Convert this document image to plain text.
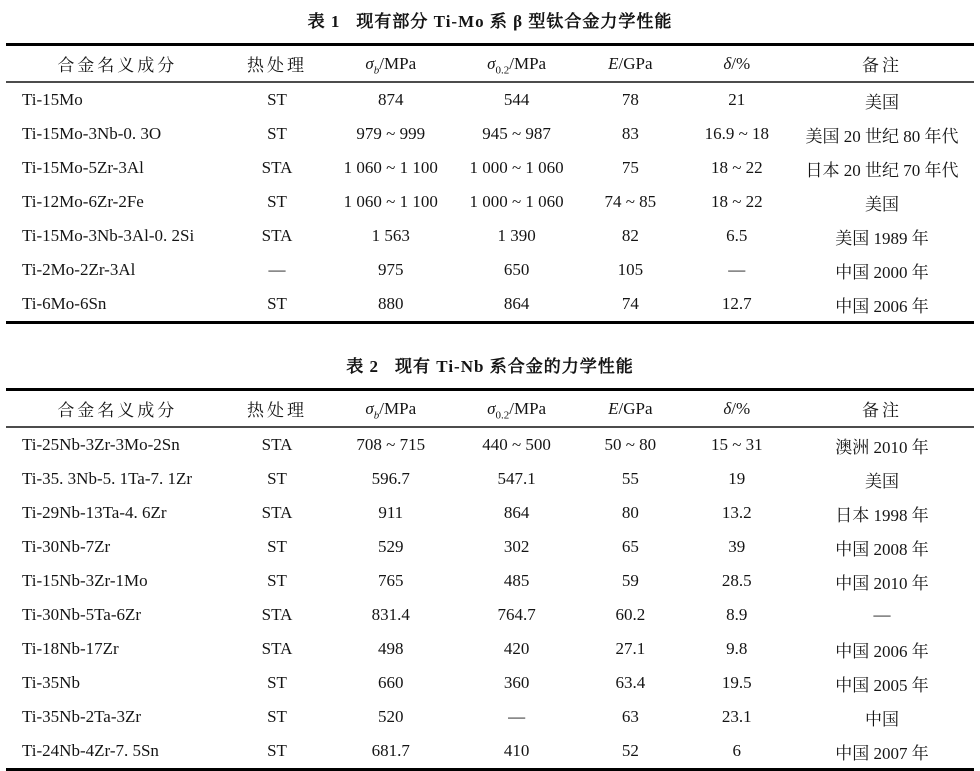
表 1 现有部分 Ti-Mo 系 β 型钛合金力学性能
合金名义成分	热处理	$\sigma_b$/MPa	$\sigma_{0.2}$/MPa	E/GPa	δ/%	备注
Ti-15Mo	ST	874	544	78	21	美国
Ti-15Mo-3Nb-0. 3O	ST	979 ~ 999	945 ~ 987	83	16.9 ~ 18	美国 20 世纪 80 年代
Ti-15Mo-5Zr-3Al	STA	1 060 ~ 1 100	1 000 ~ 1 060	75	18 ~ 22	日本 20 世纪 70 年代
Ti-12Mo-6Zr-2Fe	ST	1 060 ~ 1 100	1 000 ~ 1 060	74 ~ 85	18 ~ 22	美国
Ti-15Mo-3Nb-3Al-0. 2Si	STA	1 563	1 390	82	6.5	美国 1989 年
Ti-2Mo-2Zr-3Al	—	975	650	105	—	中国 2000 年
Ti-6Mo-6Sn	ST	880	864	74	12.7	中国 2006 年
表 2 现有 Ti-Nb 系合金的力学性能
合金名义成分	热处理	$\sigma_b$/MPa	$\sigma_{0.2}$/MPa	E/GPa	δ/%	备注
Ti-25Nb-3Zr-3Mo-2Sn	STA	708 ~ 715	440 ~ 500	50 ~ 80	15 ~ 31	澳洲 2010 年
Ti-35. 3Nb-5. 1Ta-7. 1Zr	ST	596.7	547.1	55	19	美国
Ti-29Nb-13Ta-4. 6Zr	STA	911	864	80	13.2	日本 1998 年
Ti-30Nb-7Zr	ST	529	302	65	39	中国 2008 年
Ti-15Nb-3Zr-1Mo	ST	765	485	59	28.5	中国 2010 年
Ti-30Nb-5Ta-6Zr	STA	831.4	764.7	60.2	8.9	—
Ti-18Nb-17Zr	STA	498	420	27.1	9.8	中国 2006 年
Ti-35Nb	ST	660	360	63.4	19.5	中国 2005 年
Ti-35Nb-2Ta-3Zr	ST	520	—	63	23.1	中国
Ti-24Nb-4Zr-7. 5Sn	ST	681.7	410	52	6	中国 2007 年
